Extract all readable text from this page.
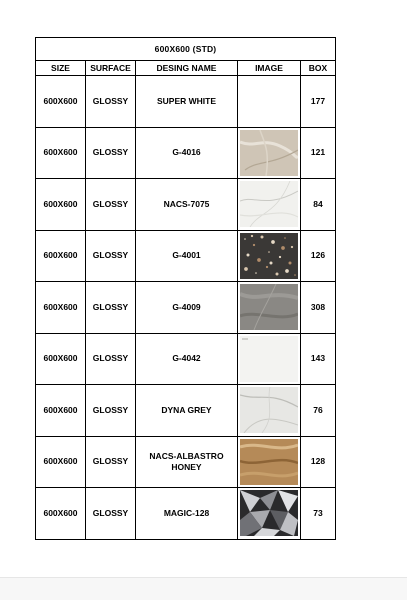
600X600 (STD)				
SIZE	SURFACE	DESING NAME	IMAGE	BOX
600X600	GLOSSY	SUPER WHITE		177
600X600	GLOSSY	G-4016		121
600X600	GLOSSY	NACS-7075		84
600X600	GLOSSY	G-4001		126
600X600	GLOSSY	G-4009		308
600X600	GLOSSY	G-4042		143
600X600	GLOSSY	DYNA GREY		76
600X600	GLOSSY	NACS-ALBASTRO HONEY		128
600X600	GLOSSY	MAGIC-128		73
